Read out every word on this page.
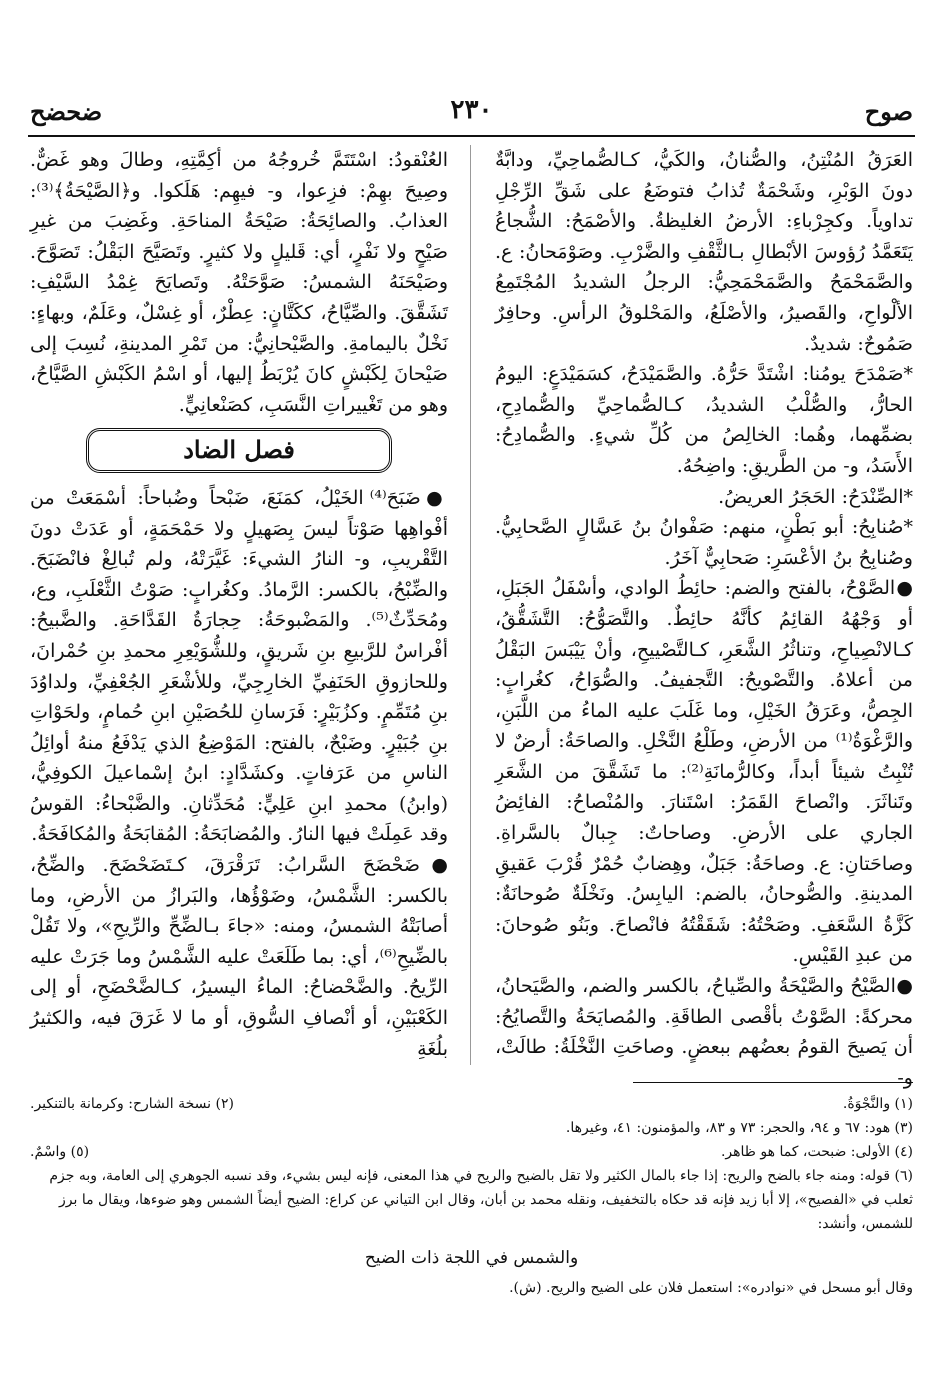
صوح
٢٣٠
ضحضح

العَرَقُ المُنْتِنُ، والصُّنانُ، والكَيُّ، كـالصُّماحِيِّ، ودابَّةٌ دونَ الوَبْرِ، وشَحْمَةٌ تُذابُ فتوضَعُ على شَقِّ الرِّجْلِ تداوياً. وكجِرْباءِ: الأرضُ الغليظةُ. والأصْمَحُ: الشُّجاعُ يَتَعَمَّدُ رُؤوسَ الأبْطالِ بـالثَّقْفِ والضَّرْبِ. وصَوْمَحانُ: ع. والصَّمَحْمَحُ والصَّمَحْمَحِيُّ: الرجلُ الشديدُ المُجْتَمِعُ الألْواحِ، والقَصيرُ، والأصْلَعُ، والمَحْلوقُ الرأسِ. وحافِرٌ صَمُوحٌ: شديدٌ.

*صَمْدَحَ يومُنا: اشْتَدَّ حَرُّهُ. والصَّمَيْدَحُ، كسَمَيْدَعٍ: اليومُ الحارُّ، والصُّلْبُ الشديدُ، كـالصُّماحِيِّ والصُّمادِحِ، بضمِّهما، وهُما: الخالِصُ من كُلِّ شيءٍ. والصُّمادِحُ: الأَسَدُ، و- من الطَّريقِ: واضِحُهُ.

*الصِّنْدَحُ: الحَجَرُ العريضُ.

*صُنابِحُ: أبو بَطْنٍ، منهم: صَفْوانُ بنُ عَسَّالٍ الصَّحابِيُّ. وصُنابِحُ بنُ الأعْسَرِ: صَحابِيٌّ آخَرُ.

●الصَّوْحُ، بالفتح والضم: حائِطُ الوادي، وأسْفَلُ الجَبَلِ، أو وَجْهُهُ القائِمُ كأنَّهُ حائِطٌ. والتَّصَوُّحُ: التَّشَقُّقُ، كـالانْصِياحِ، وتناثُرُ الشَّعَرِ، كـالتَّصْييحِ، وأنْ يَيْبَسَ البَقْلُ من أعلاهُ. والتَّصْويحُ: التَّجفيفُ. والصُّوَاحُ، كغُرابٍ: الجِصُّ، وعَرَقُ الخَيْلِ، وما غَلَبَ عليه الماءُ من اللَّبَنِ، والرَّغْوَةُ⁽¹⁾ من الأرضِ، وطَلْعُ النَّخْلِ. والصاحَةُ: أرضٌ لا تُنْبِتُ شيئاً أبداً، وكالرُّمانَةِ⁽²⁾: ما تَشَقَّقَ من الشَّعَرِ وتَناثَرَ. وانْصاحَ القَمَرُ: اسْتَنارَ. والمُنْصاحُ: الفائِضُ الجاري على الأرضِ. وصاحاتٌ: جِبالٌ بالسَّراةِ. وصاحَتانِ: ع. وصاحَةُ: جَبَلٌ، وهِضابٌ حُمْرٌ قُرْبَ عَقيقِ المدينةِ. والصُّوحانُ، بالضم: اليابِسُ. ونَخْلَةٌ صُوحانَةٌ: كَزَّةُ السَّعَفِ. وصَحْتُهُ: شَقَقْتُهُ فانْصاحَ. وبَنُو صُوحانَ: من عبدِ القَيْسِ.

●الصَّيْحُ والصَّيْحَةُ والصِّياحُ، بالكسر والضم، والصَّيَحانُ، محركةً: الصَّوْتُ بأقْصى الطاقَةِ. والمُصايَحَةُ والتَّصايُحُ: أن يَصيحَ القومُ بعضُهم ببعضٍ. وصاحَتِ النَّخْلَةُ: طالَتْ، و-

العُنْقودُ: اسْتَتَمَّ خُروجُهُ من أكِمَّتِهِ، وطالَ وهو غَضٌّ. وصِيحَ بهِمْ: فزِعوا، و- فيهِم: هَلَكوا. و﴿الصَّيْحَةُ﴾⁽³⁾: العذابُ. والصائِحَةُ: صَيْحَةُ المناحَةِ. وغَضِبَ من غيرِ صَيْحٍ ولا نَفْرٍ، أي: قَليلٍ ولا كثيرٍ. وتَصَيَّحَ البَقْلُ: تَصَوَّحَ. وصَيْحَنَهُ الشمسُ: صَوَّحَتْهُ. وتَصايَحَ غِمْدُ السَّيْفِ: تَشَقَّقَ. والصِّيَّاحُ، ككَتَّانٍ: عِطْرٌ، أو غِسْلٌ، وعَلَمٌ، وبهاءٍ: نَخْلٌ باليمامةِ. والصَّيْحانِيُّ: من تَمْرِ المدينةِ، نُسِبَ إلى صَيْحانَ لِكَبْشٍ كانَ يُرْبَطُ إليها، أو اسْمُ الكَبْشِ الصَّيَّاحُ، وهو من تَغْييراتِ النَّسَبِ، كصَنْعانِيٍّ.

فصل الضاد

●ضَبَحَ⁽⁴⁾ الخَيْلُ، كمَنَعَ، ضَبْحاً وضُباحاً: أسْمَعَتْ من أفْواهِها صَوْتاً ليسَ بِصَهيلٍ ولا حَمْحَمَةٍ، أو عَدَتْ دونَ التَّقْريبِ، و- النارُ الشيءَ: غَيَّرَتْهُ، ولم تُبالِغْ فانْضَبَحَ. والضِّبْحُ، بالكسر: الرَّمادُ. وكغُرابٍ: صَوْتُ الثَّعْلَبِ، وع، ومُحَدِّثٌ⁽⁵⁾. والمَضْبوحَةُ: حِجارَةُ القَدَّاحَةِ. والضَّبيحُ: أفْراسٌ للرَّبيعِ بنِ شَريقٍ، وللشُّوَيْعِرِ محمدِ بنِ حُمْرانَ، وللحازوقِ الحَنَفِيِّ الخارِجِيِّ، وللأشْعَرِ الجُعْفِيِّ، ولداوُدَ بنِ مُتَمِّمٍ. وكزُبَيْرٍ: فَرَسانِ للحُصَيْنِ ابنِ حُمامٍ، ولحَوْاتِ بنِ جُبَيْرٍ. وضَبْحٌ، بالفتح: المَوْضِعُ الذي يَدْفَعُ منهُ أوائِلُ الناسِ من عَرَفاتٍ. وكشَدَّادٍ: ابنُ إسْماعيلَ الكوفِيُّ، (وابنُ) محمدِ ابنِ عَلِيٍّ: مُحَدِّثانِ. والضَّبْحاءُ: القوسُ وقد عَمِلَتْ فيها النارُ. والمُضابَحَةُ: المُقابَحَةُ والمُكافَحَةُ.

●ضَحْضَحَ السَّرابُ: تَرَقْرَقَ، كـتَضَحْضَحَ. والضِّحُ، بالكسر: الشَّمْسُ، وضَوْؤُها، والبَرازُ من الأرضِ، وما أصابَتْهُ الشمسُ، ومنه: «جاءَ بـالضِّحِّ والرِّيحِ»، ولا تَقُلْ بالضِّيحِ⁽⁶⁾، أي: بما طَلَعَتْ عليه الشَّمْسُ وما جَرَتْ عليه الرِّيحُ. والضَّحْضاحُ: الماءُ اليسيرُ، كـالضَّحْضَحِ، أو إلى الكَعْبَيْنِ، أو أنْصافِ السُّوقِ، أو ما لا غَرَقَ فيه، والكثيرُ بلُغَةِ

(١) والنَّجْوَةُ.
(٢) نسخة الشارح: وكرمانة بالتنكير.

(٣) هود: ٦٧ و ٩٤، والحجر: ٧٣ و ٨٣، والمؤمنون: ٤١، وغيرها.

(٤) الأولى: ضبحت، كما هو ظاهر.
(٥) واسْمٌ.

(٦) قوله: ومنه جاء بالضح والريح: إذا جاء بالمال الكثير ولا تقل بالضيح والريح في هذا المعنى، فإنه ليس بشيء، وقد نسبه الجوهري إلى العامة، وبه جزم ثعلب في «الفصيح»، إلا أبا زيد فإنه قد حكاه بالتخفيف، ونقله محمد بن أبان، وقال ابن التياني عن كراع: الضيح أيضاً الشمس وهو ضوءها، ويقال ما برز للشمس، وأنشد:

والشمس في اللجة ذات الضيح

وقال أبو مسحل في «نوادره»: استعمل فلان على الضيح والريح. (ش).
